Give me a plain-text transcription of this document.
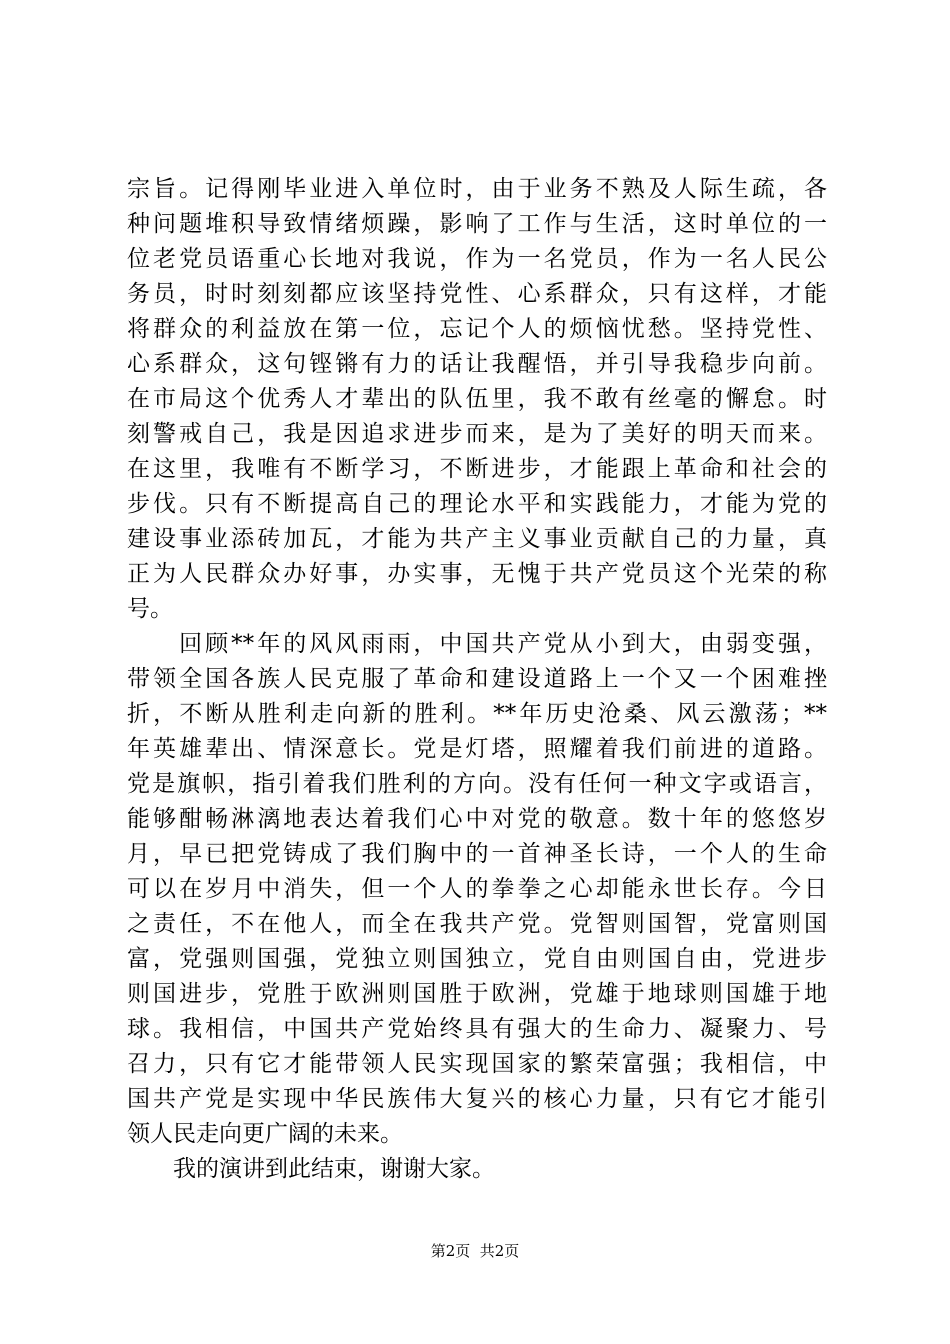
宗旨。记得刚毕业进入单位时，由于业务不熟及人际生疏，各
种问题堆积导致情绪烦躁，影响了工作与生活，这时单位的一
位老党员语重心长地对我说，作为一名党员，作为一名人民公
务员，时时刻刻都应该坚持党性、心系群众，只有这样，才能
将群众的利益放在第一位，忘记个人的烦恼忧愁。坚持党性、
心系群众，这句铿锵有力的话让我醒悟，并引导我稳步向前。
在市局这个优秀人才辈出的队伍里，我不敢有丝毫的懈怠。时
刻警戒自己，我是因追求进步而来，是为了美好的明天而来。
在这里，我唯有不断学习，不断进步，才能跟上革命和社会的
步伐。只有不断提高自己的理论水平和实践能力，才能为党的
建设事业添砖加瓦，才能为共产主义事业贡献自己的力量，真
正为人民群众办好事，办实事，无愧于共产党员这个光荣的称
号。
　　回顾**年的风风雨雨，中国共产党从小到大，由弱变强，
带领全国各族人民克服了革命和建设道路上一个又一个困难挫
折，不断从胜利走向新的胜利。**年历史沧桑、风云激荡；**
年英雄辈出、情深意长。党是灯塔，照耀着我们前进的道路。
党是旗帜，指引着我们胜利的方向。没有任何一种文字或语言，
能够酣畅淋漓地表达着我们心中对党的敬意。数十年的悠悠岁
月，早已把党铸成了我们胸中的一首神圣长诗，一个人的生命
可以在岁月中消失，但一个人的拳拳之心却能永世长存。今日
之责任，不在他人，而全在我共产党。党智则国智，党富则国
富，党强则国强，党独立则国独立，党自由则国自由，党进步
则国进步，党胜于欧洲则国胜于欧洲，党雄于地球则国雄于地
球。我相信，中国共产党始终具有强大的生命力、凝聚力、号
召力，只有它才能带领人民实现国家的繁荣富强；我相信，中
国共产党是实现中华民族伟大复兴的核心力量，只有它才能引
领人民走向更广阔的未来。
　　我的演讲到此结束，谢谢大家。
第2页  共2页
